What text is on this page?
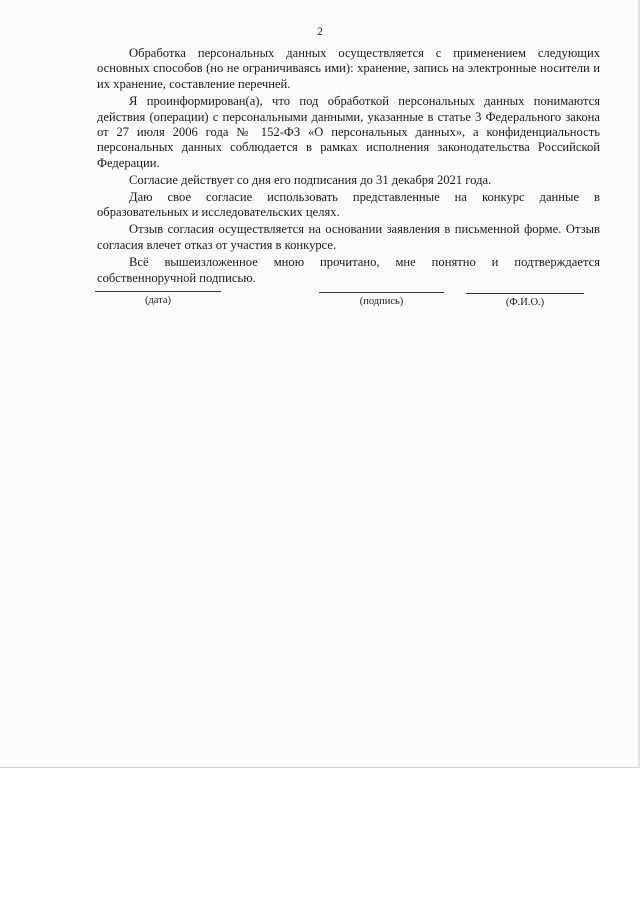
2

Обработка персональных данных осуществляется с применением следующих основных способов (но не ограничиваясь ими): хранение, запись на электронные носители и их хранение, составление перечней.

Я проинформирован(а), что под обработкой персональных данных понимаются действия (операции) с персональными данными, указанные в статье 3 Федерального закона от 27 июля 2006 года № 152-ФЗ «О персональных данных», а конфиденциальность персональных данных соблюдается в рамках исполнения законодательства Российской Федерации.

Согласие действует со дня его подписания до 31 декабря 2021 года.

Даю свое согласие использовать представленные на конкурс данные в образовательных и исследовательских целях.

Отзыв согласия осуществляется на основании заявления в письменной форме. Отзыв согласия влечет отказ от участия в конкурсе.

Всё вышеизложенное мною прочитано, мне понятно и подтверждается собственноручной подписью.

(дата)	(подпись)	(Ф.И.О.)
